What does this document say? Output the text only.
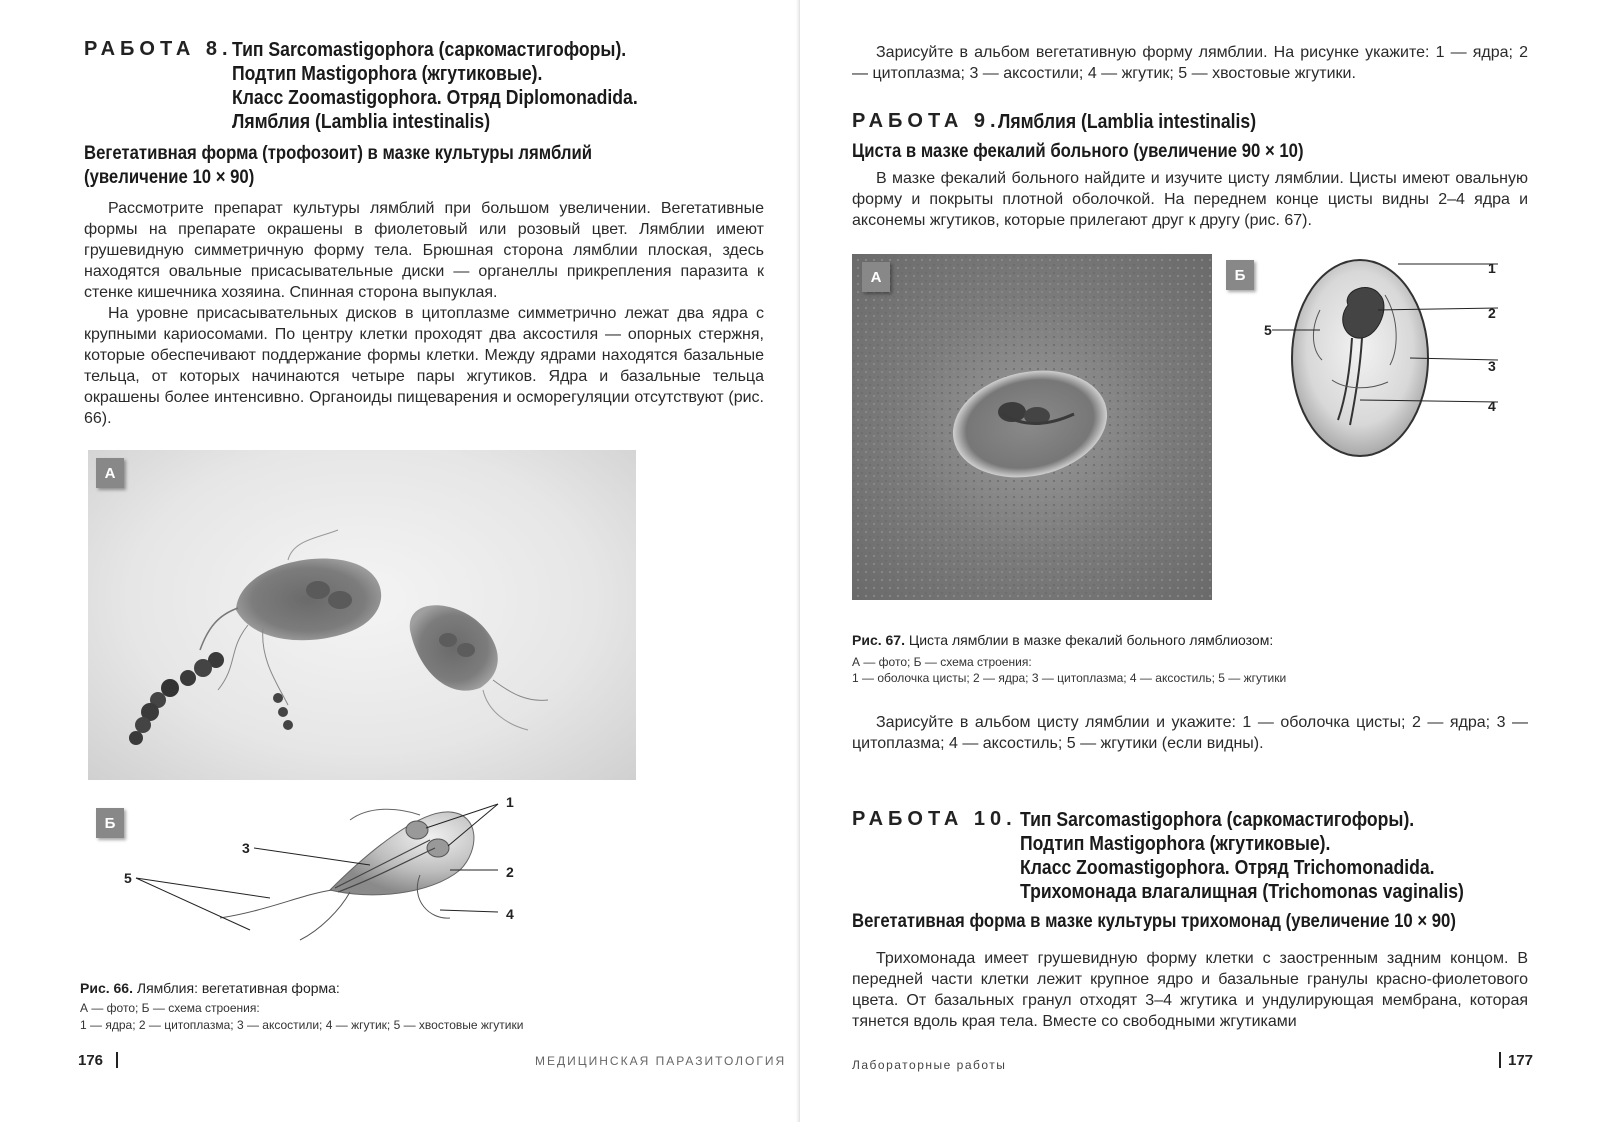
РАБОТА 8. Тип Sarcomastigophora (саркомастигофоры).
Подтип Mastigophora (жгутиковые).
Класс Zoomastigophora. Отряд Diplomonadida.
Лямблия (Lamblia intestinalis)
Вегетативная форма (трофозоит) в мазке культуры лямблий
(увеличение 10 × 90)

Рассмотрите препарат культуры лямблий при большом увеличении. Вегетативные формы на препарате окрашены в фиолетовый или розовый цвет. Лямблии имеют грушевидную симметричную форму тела. Брюшная сторона лямблии плоская, здесь находятся овальные присасывательные диски — органеллы прикрепления паразита к стенке кишечника хозяина. Спинная сторона выпуклая.

На уровне присасывательных дисков в цитоплазме симметрично лежат два ядра с крупными кариосомами. По центру клетки проходят два аксостиля — опорных стержня, которые обеспечивают поддержание формы клетки. Между ядрами находятся базальные тельца, от которых начинаются четыре пары жгутиков. Ядра и базальные тельца окрашены более интенсивно. Органоиды пищеварения и осморегуляции отсутствуют (рис. 66).

А
Б
1
2
3
4
5
Рис. 66. Лямблия: вегетативная форма:
А — фото; Б — схема строения:
1 — ядра; 2 — цитоплазма; 3 — аксостили; 4 — жгутик; 5 — хвостовые жгутики
176	МЕДИЦИНСКАЯ ПАРАЗИТОЛОГИЯ

Зарисуйте в альбом вегетативную форму лямблии. На рисунке укажите: 1 — ядра; 2 — цитоплазма; 3 — аксостили; 4 — жгутик; 5 — хвостовые жгутики.

РАБОТА 9.
Лямблия (Lamblia intestinalis)
Циста в мазке фекалий больного (увеличение 90 × 10)

В мазке фекалий больного найдите и изучите цисту лямблии. Цисты имеют овальную форму и покрыты плотной оболочкой. На переднем конце цисты видны 2–4 ядра и аксонемы жгутиков, которые прилегают друг к другу (рис. 67).

А	Б	1
2
3
4
5
Рис. 67. Циста лямблии в мазке фекалий больного лямблиозом:
А — фото; Б — схема строения:
1 — оболочка цисты; 2 — ядра; 3 — цитоплазма; 4 — аксостиль; 5 — жгутики

Зарисуйте в альбом цисту лямблии и укажите: 1 — оболочка цисты; 2 — ядра; 3 — цитоплазма; 4 — аксостиль; 5 — жгутики (если видны).

РАБОТА 10. Тип Sarcomastigophora (саркомастигофоры).
Подтип Mastigophora (жгутиковые).
Класс Zoomastigophora. Отряд Trichomonadida.
Трихомонада влагалищная (Trichomonas vaginalis)
Вегетативная форма в мазке культуры трихомонад (увеличение 10 × 90)

Трихомонада имеет грушевидную форму клетки с заостренным задним концом. В передней части клетки лежит крупное ядро и базальные гранулы красно-фиолетового цвета. От базальных гранул отходят 3–4 жгутика и ундулирующая мембрана, которая тянется вдоль края тела. Вместе со свободными жгутиками

Лабораторные работы	177
